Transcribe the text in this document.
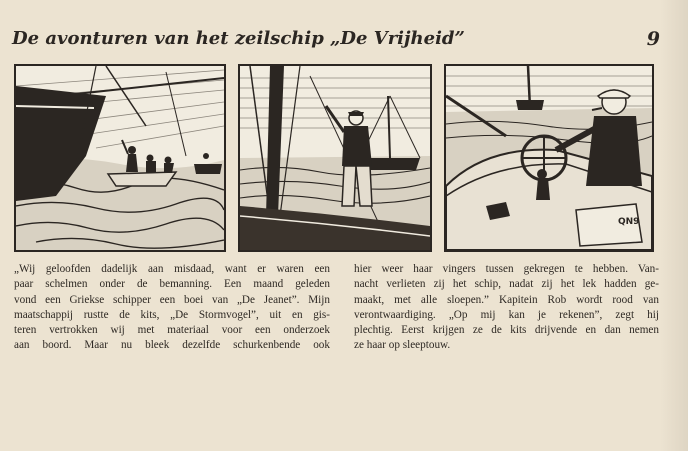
De avonturen van het zeilschip „De Vrijheid”	9
QN9
„Wij geloofden dadelijk aan misdaad, want er waren een
paar schelmen onder de bemanning. Een maand geleden
vond een Griekse schipper een boei van „De Jeanet”. Mijn
maatschappij rustte de kits, „De Stormvogel”, uit en gis-
teren vertrokken wij met materiaal voor een onderzoek
aan boord. Maar nu bleek dezelfde schurkenbende ook
hier weer haar vingers tussen gekregen te hebben. Van-
nacht verlieten zij het schip, nadat zij het lek hadden ge-
maakt, met alle sloepen.” Kapitein Rob wordt rood van
verontwaardiging. „Op mij kan je rekenen”, zegt hij
plechtig. Eerst krijgen ze de kits drijvende en dan nemen
ze haar op sleeptouw.
